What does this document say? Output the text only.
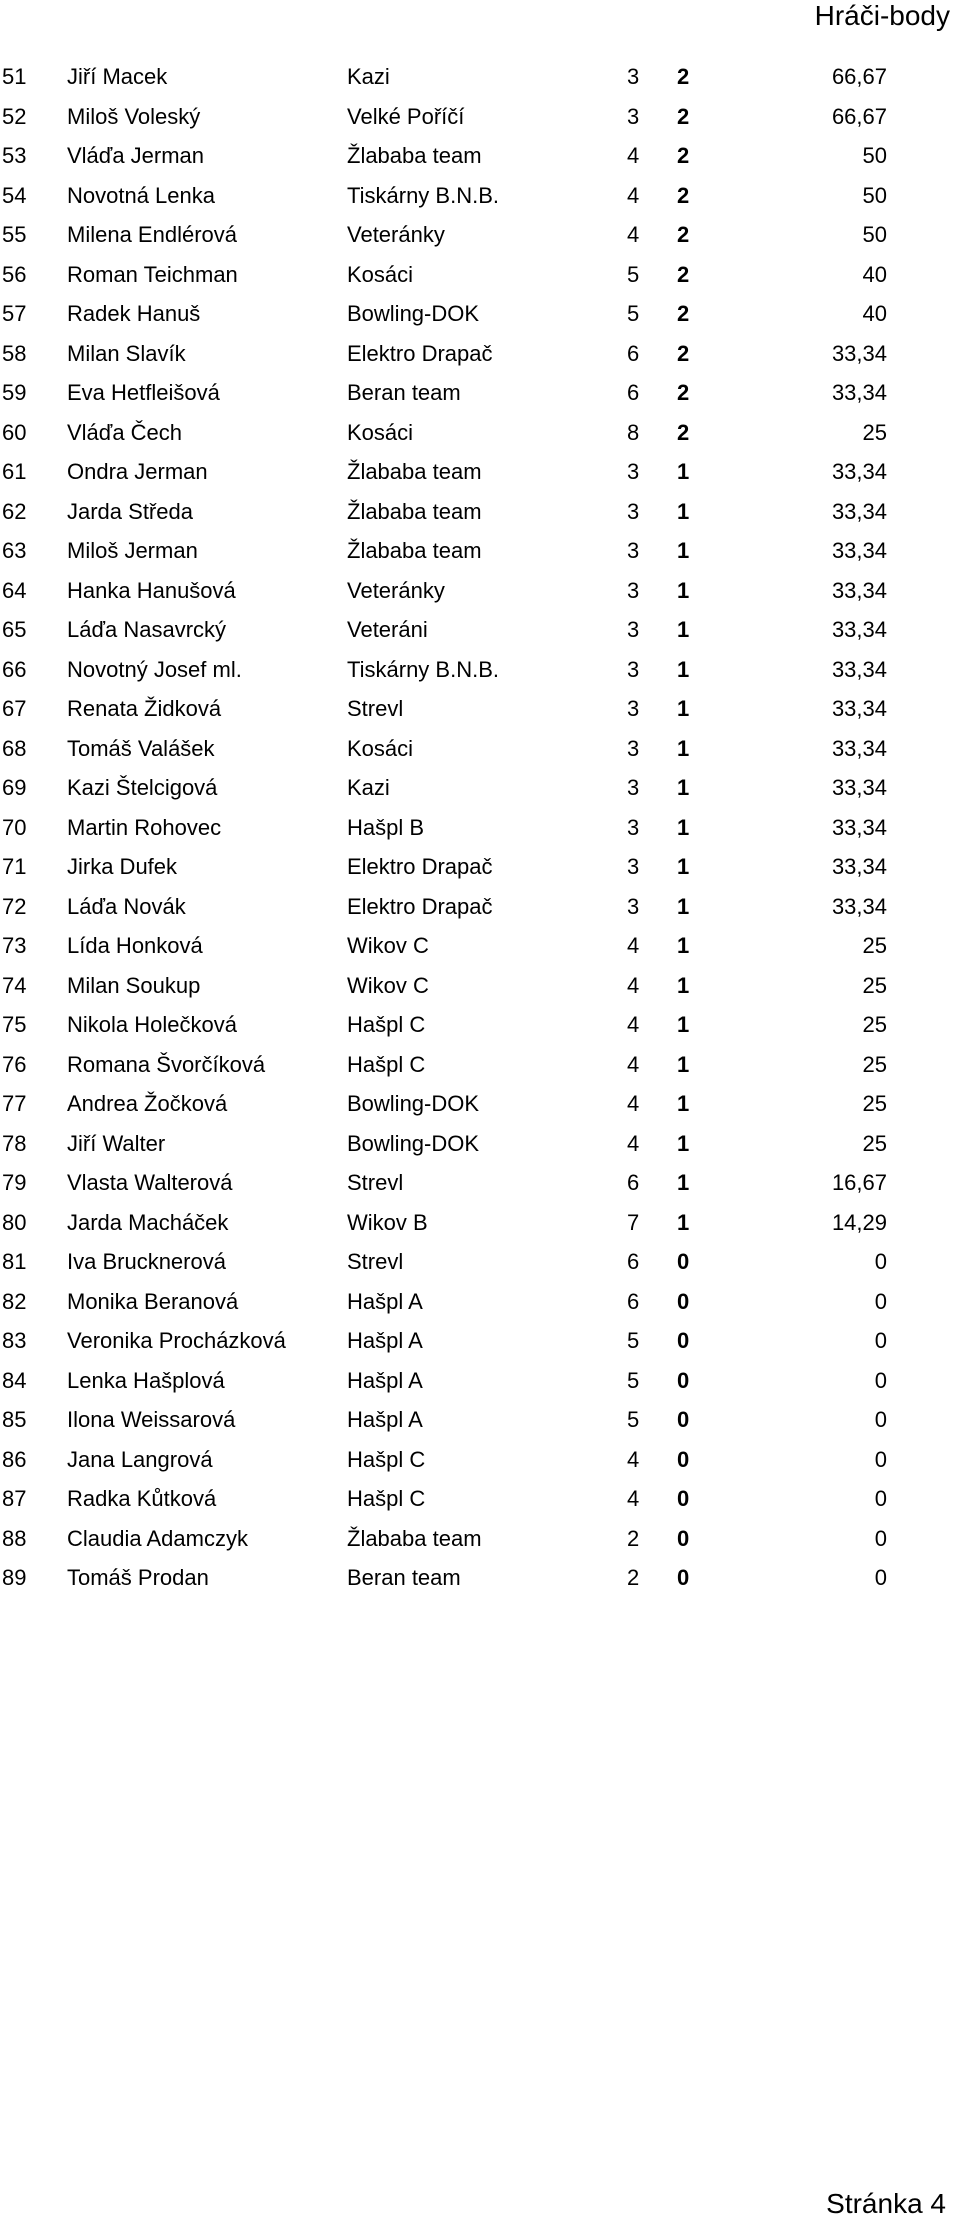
Hráči-body
51	Jiří Macek	Kazi	3	2	66,67
52	Miloš Voleský	Velké Poříčí	3	2	66,67
53	Vláďa Jerman	Žlababa team	4	2	50
54	Novotná Lenka	Tiskárny B.N.B.	4	2	50
55	Milena Endlérová	Veteránky	4	2	50
56	Roman Teichman	Kosáci	5	2	40
57	Radek Hanuš	Bowling-DOK	5	2	40
58	Milan Slavík	Elektro Drapač	6	2	33,34
59	Eva Hetfleišová	Beran team	6	2	33,34
60	Vláďa Čech	Kosáci	8	2	25
61	Ondra Jerman	Žlababa team	3	1	33,34
62	Jarda Středa	Žlababa team	3	1	33,34
63	Miloš Jerman	Žlababa team	3	1	33,34
64	Hanka Hanušová	Veteránky	3	1	33,34
65	Láďa Nasavrcký	Veteráni	3	1	33,34
66	Novotný Josef ml.	Tiskárny B.N.B.	3	1	33,34
67	Renata Židková	Strevl	3	1	33,34
68	Tomáš Valášek	Kosáci	3	1	33,34
69	Kazi Štelcigová	Kazi	3	1	33,34
70	Martin Rohovec	Hašpl B	3	1	33,34
71	Jirka Dufek	Elektro Drapač	3	1	33,34
72	Láďa Novák	Elektro Drapač	3	1	33,34
73	Lída Honková	Wikov C	4	1	25
74	Milan Soukup	Wikov C	4	1	25
75	Nikola Holečková	Hašpl C	4	1	25
76	Romana Švorčíková	Hašpl C	4	1	25
77	Andrea Žočková	Bowling-DOK	4	1	25
78	Jiří Walter	Bowling-DOK	4	1	25
79	Vlasta Walterová	Strevl	6	1	16,67
80	Jarda Macháček	Wikov B	7	1	14,29
81	Iva Brucknerová	Strevl	6	0	0
82	Monika Beranová	Hašpl A	6	0	0
83	Veronika Procházková	Hašpl A	5	0	0
84	Lenka Hašplová	Hašpl A	5	0	0
85	Ilona Weissarová	Hašpl A	5	0	0
86	Jana Langrová	Hašpl C	4	0	0
87	Radka Kůtková	Hašpl C	4	0	0
88	Claudia Adamczyk	Žlababa team	2	0	0
89	Tomáš Prodan	Beran team	2	0	0
Stránka 4
